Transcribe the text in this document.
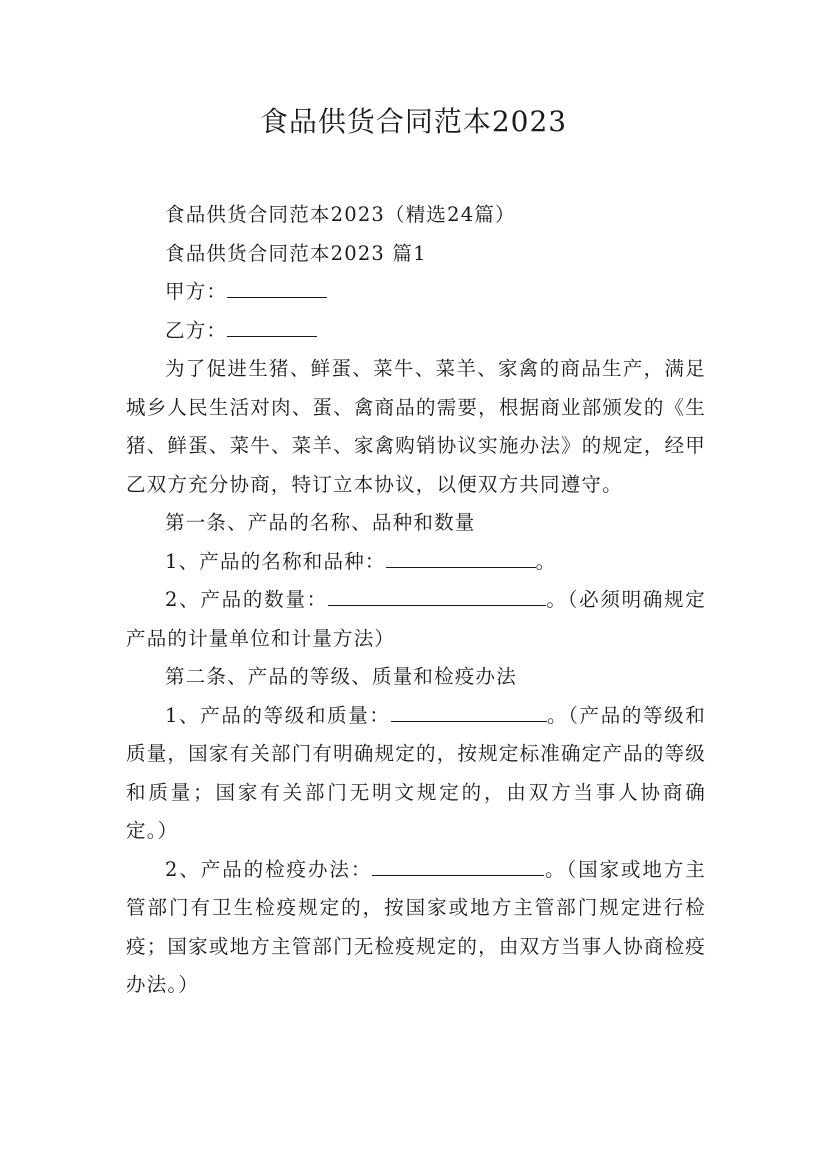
食品供货合同范本2023

食品供货合同范本2023（精选24篇）

食品供货合同范本2023 篇1

甲方：

乙方：

为了促进生猪、鲜蛋、菜牛、菜羊、家禽的商品生产，满足城乡人民生活对肉、蛋、禽商品的需要，根据商业部颁发的《生猪、鲜蛋、菜牛、菜羊、家禽购销协议实施办法》的规定，经甲乙双方充分协商，特订立本协议，以便双方共同遵守。

第一条、产品的名称、品种和数量

1、产品的名称和品种：	。

2、产品的数量：	。（必须明确规定产品的计量单位和计量方法）

第二条、产品的等级、质量和检疫办法

1、产品的等级和质量：	。（产品的等级和质量，国家有关部门有明确规定的，按规定标准确定产品的等级和质量；国家有关部门无明文规定的，由双方当事人协商确定。）

2、产品的检疫办法：	。（国家或地方主管部门有卫生检疫规定的，按国家或地方主管部门规定进行检疫；国家或地方主管部门无检疫规定的，由双方当事人协商检疫办法。）
